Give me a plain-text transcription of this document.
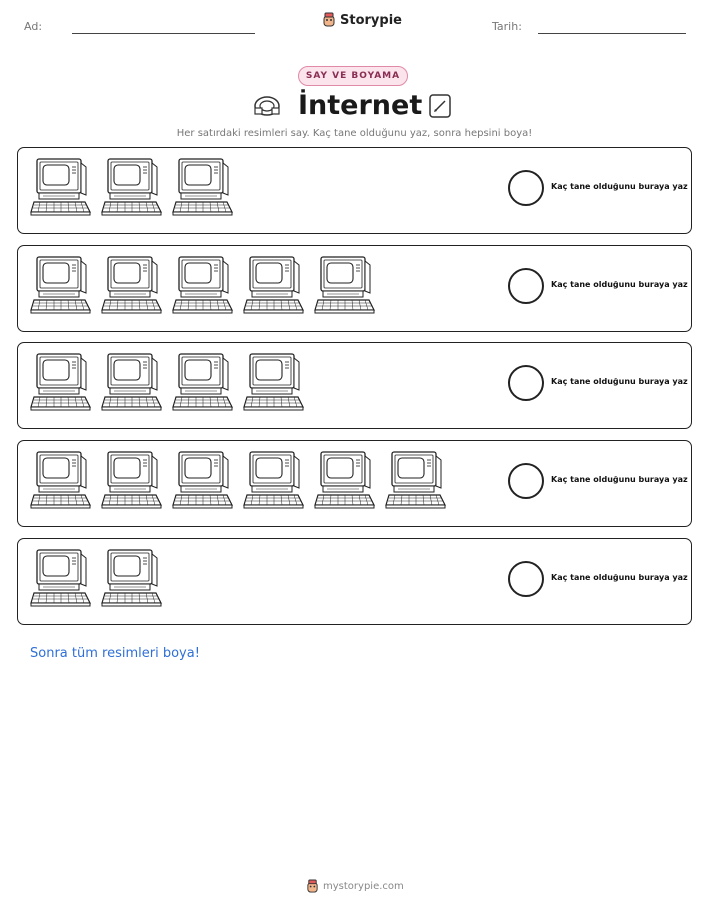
Ad:	Storypie	Tarih:
SAY VE BOYAMA
İnternet
Her satırdaki resimleri say. Kaç tane olduğunu yaz, sonra hepsini boya!
Kaç tane olduğunu buraya yaz
Kaç tane olduğunu buraya yaz
Kaç tane olduğunu buraya yaz
Kaç tane olduğunu buraya yaz
Kaç tane olduğunu buraya yaz
Sonra tüm resimleri boya!
mystorypie.com
